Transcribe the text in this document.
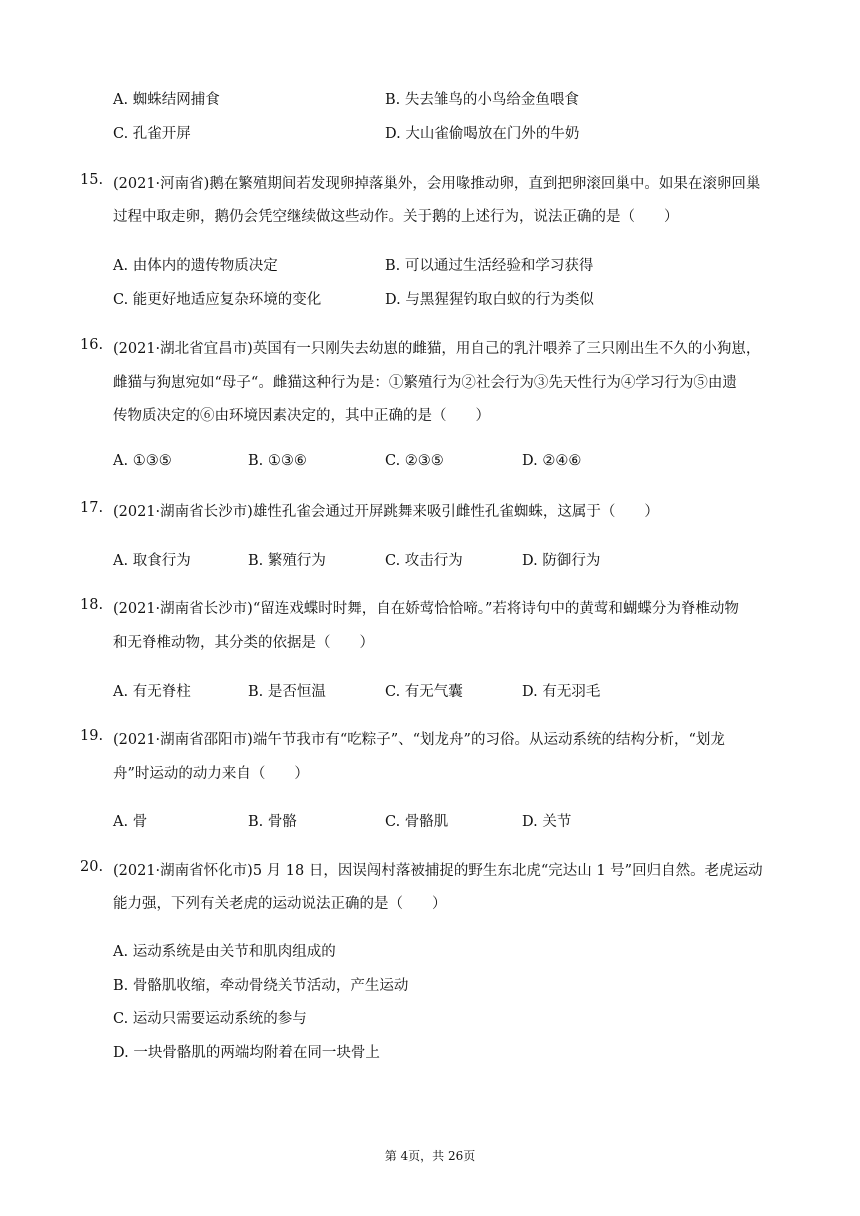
A. 蜘蛛结网捕食	B. 失去雏鸟的小鸟给金鱼喂食
C. 孔雀开屏	D. 大山雀偷喝放在门外的牛奶
15. (2021·河南省)鹅在繁殖期间若发现卵掉落巢外，会用喙推动卵，直到把卵滚回巢中。如果在滚卵回巢
过程中取走卵，鹅仍会凭空继续做这些动作。关于鹅的上述行为，说法正确的是（　　）
A. 由体内的遗传物质决定	B. 可以通过生活经验和学习获得
C. 能更好地适应复杂环境的变化	D. 与黑猩猩钓取白蚁的行为类似
16. (2021·湖北省宜昌市)英国有一只刚失去幼崽的雌猫，用自己的乳汁喂养了三只刚出生不久的小狗崽，
雌猫与狗崽宛如“母子“。雌猫这种行为是：①繁殖行为②社会行为③先天性行为④学习行为⑤由遗
传物质决定的⑥由环境因素决定的，其中正确的是（　　）
A. ①③⑤	B. ①③⑥	C. ②③⑤	D. ②④⑥
17. (2021·湖南省长沙市)雄性孔雀会通过开屏跳舞来吸引雌性孔雀蜘蛛，这属于（　　）
A. 取食行为	B. 繁殖行为	C. 攻击行为	D. 防御行为
18. (2021·湖南省长沙市)“留连戏蝶时时舞，自在娇莺恰恰啼。”若将诗句中的黄莺和蝴蝶分为脊椎动物
和无脊椎动物，其分类的依据是（　　）
A. 有无脊柱	B. 是否恒温	C. 有无气囊	D. 有无羽毛
19. (2021·湖南省邵阳市)端午节我市有“吃粽子”、“划龙舟”的习俗。从运动系统的结构分析，“划龙
舟”时运动的动力来自（　　）
A. 骨	B. 骨骼	C. 骨骼肌	D. 关节
20. (2021·湖南省怀化市)5 月 18 日，因误闯村落被捕捉的野生东北虎“完达山 1 号”回归自然。老虎运动
能力强，下列有关老虎的运动说法正确的是（　　）
A. 运动系统是由关节和肌肉组成的
B. 骨骼肌收缩，牵动骨绕关节活动，产生运动
C. 运动只需要运动系统的参与
D. 一块骨骼肌的两端均附着在同一块骨上
第 4页，共 26页
